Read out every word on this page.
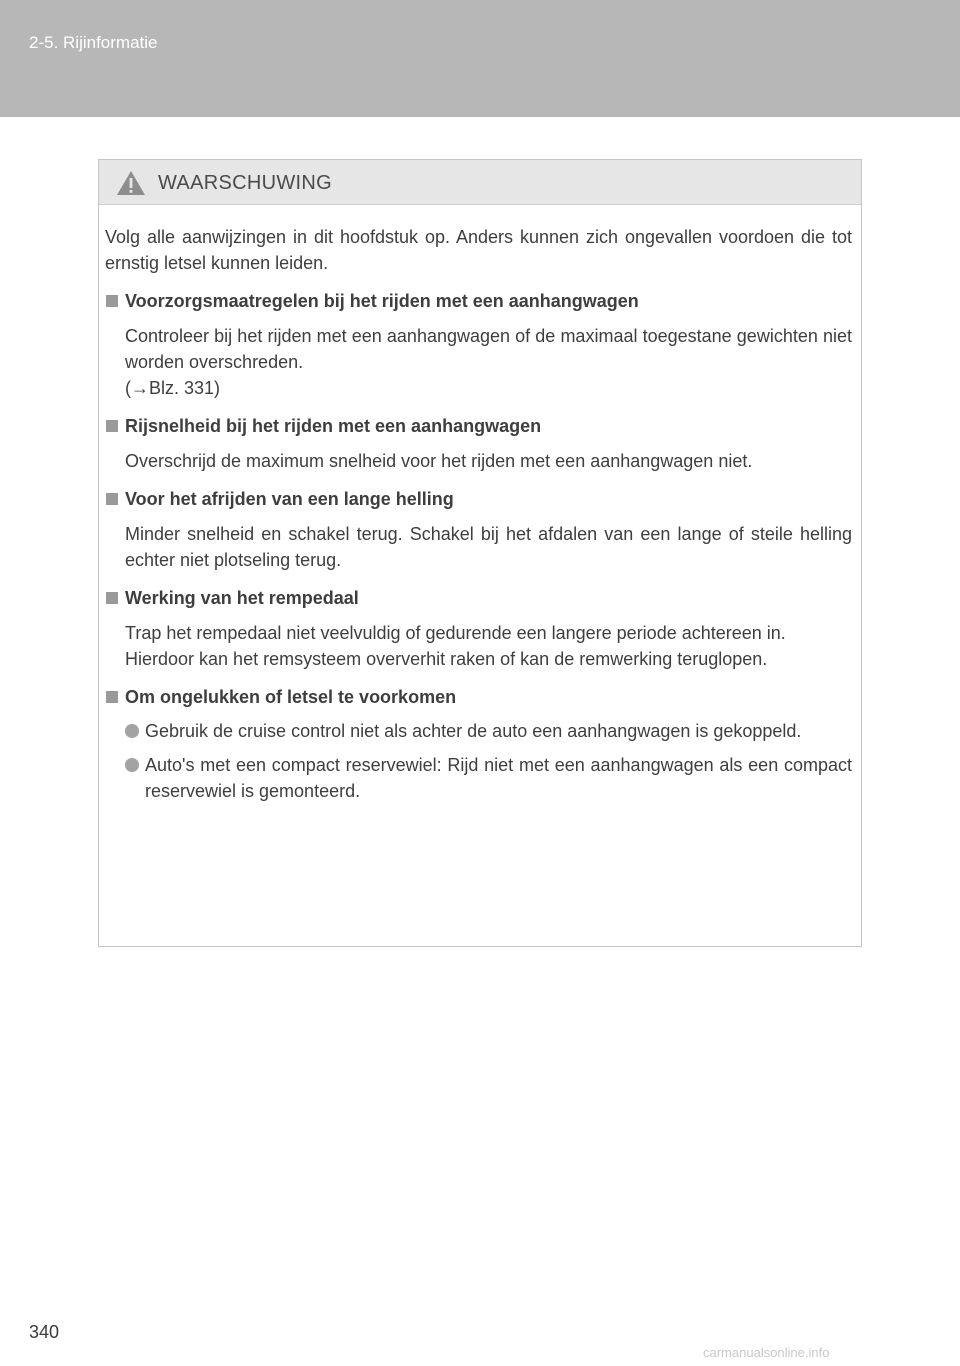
2-5. Rijinformatie
WAARSCHUWING

Volg alle aanwijzingen in dit hoofdstuk op. Anders kunnen zich ongevallen voordoen die tot ernstig letsel kunnen leiden.

Voorzorgsmaatregelen bij het rijden met een aanhangwagen
Controleer bij het rijden met een aanhangwagen of de maximaal toegestane gewichten niet worden overschreden.
(→Blz. 331)
Rijsnelheid bij het rijden met een aanhangwagen
Overschrijd de maximum snelheid voor het rijden met een aanhangwagen niet.
Voor het afrijden van een lange helling
Minder snelheid en schakel terug. Schakel bij het afdalen van een lange of steile helling echter niet plotseling terug.
Werking van het rempedaal
Trap het rempedaal niet veelvuldig of gedurende een langere periode achtereen in.
Hierdoor kan het remsysteem oververhit raken of kan de remwerking teruglopen.
Om ongelukken of letsel te voorkomen
Gebruik de cruise control niet als achter de auto een aanhangwagen is gekoppeld.
Auto's met een compact reservewiel: Rijd niet met een aanhangwagen als een compact reservewiel is gemonteerd.
340
carmanualsonline.info
